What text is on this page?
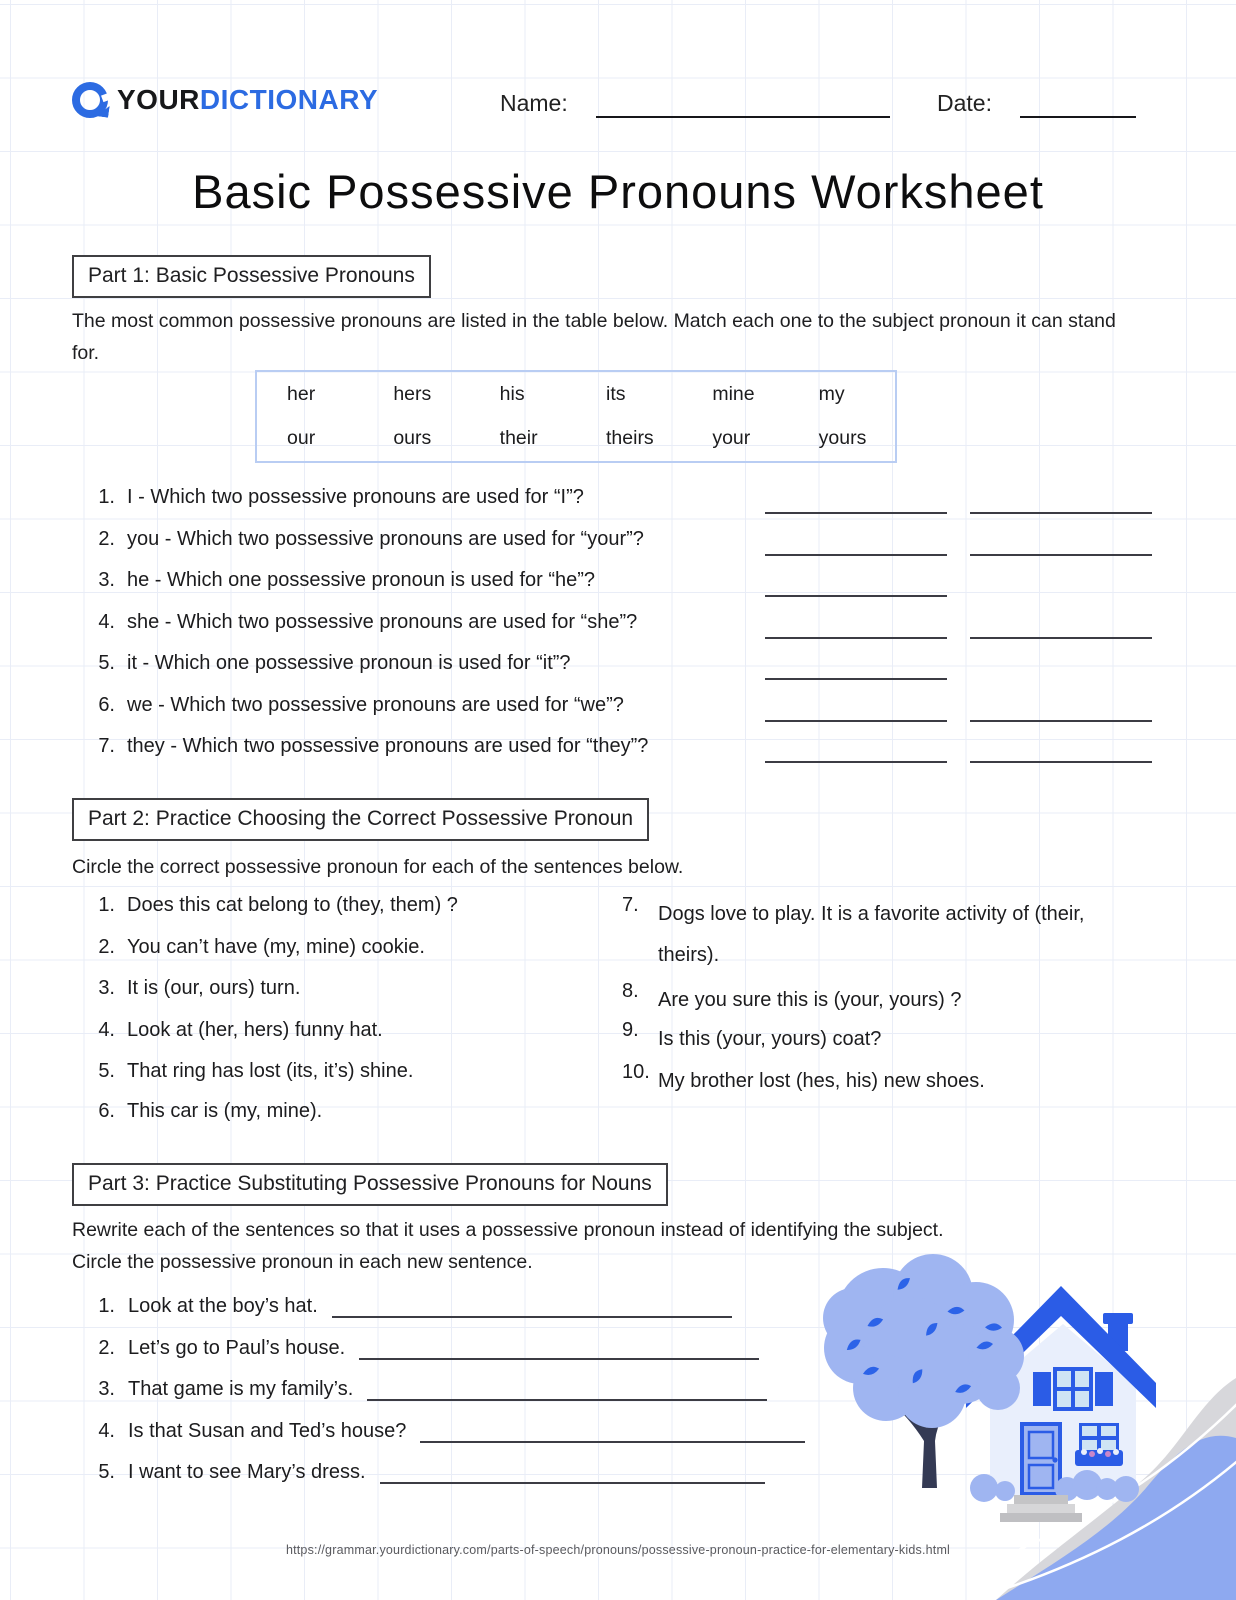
YOURDICTIONARY	Name:	Date:
Basic Possessive Pronouns Worksheet
Part 1: Basic Possessive Pronouns
The most common possessive pronouns are listed in the table below. Match each one to the subject pronoun it can stand for.
her	hers	his	its	mine	my
our	ours	their	theirs	your	yours
1. I - Which two possessive pronouns are used for “I”?
2. you - Which two possessive pronouns are used for “your”?
3. he - Which one possessive pronoun is used for “he”?
4. she - Which two possessive pronouns are used for “she”?
5. it - Which one possessive pronoun is used for “it”?
6. we - Which two possessive pronouns are used for “we”?
7. they - Which two possessive pronouns are used for “they”?
Part 2: Practice Choosing the Correct Possessive Pronoun
Circle the correct possessive pronoun for each of the sentences below.
1. Does this cat belong to (they, them) ?
2. You can’t have (my, mine) cookie.
3. It is (our, ours) turn.
4. Look at (her, hers) funny hat.
5. That ring has lost (its, it’s) shine.
6. This car is (my, mine).
7. Dogs love to play. It is a favorite activity of (their, theirs).
8. Are you sure this is (your, yours) ?
9. Is this (your, yours) coat?
10. My brother lost (hes, his) new shoes.
Part 3: Practice Substituting Possessive Pronouns for Nouns
Rewrite each of the sentences so that it uses a possessive pronoun instead of identifying the subject.
Circle the possessive pronoun in each new sentence.
1. Look at the boy’s hat.
2. Let’s go to Paul’s house.
3. That game is my family’s.
4. Is that Susan and Ted’s house?
5. I want to see Mary’s dress.
https://grammar.yourdictionary.com/parts-of-speech/pronouns/possessive-pronoun-practice-for-elementary-kids.html
